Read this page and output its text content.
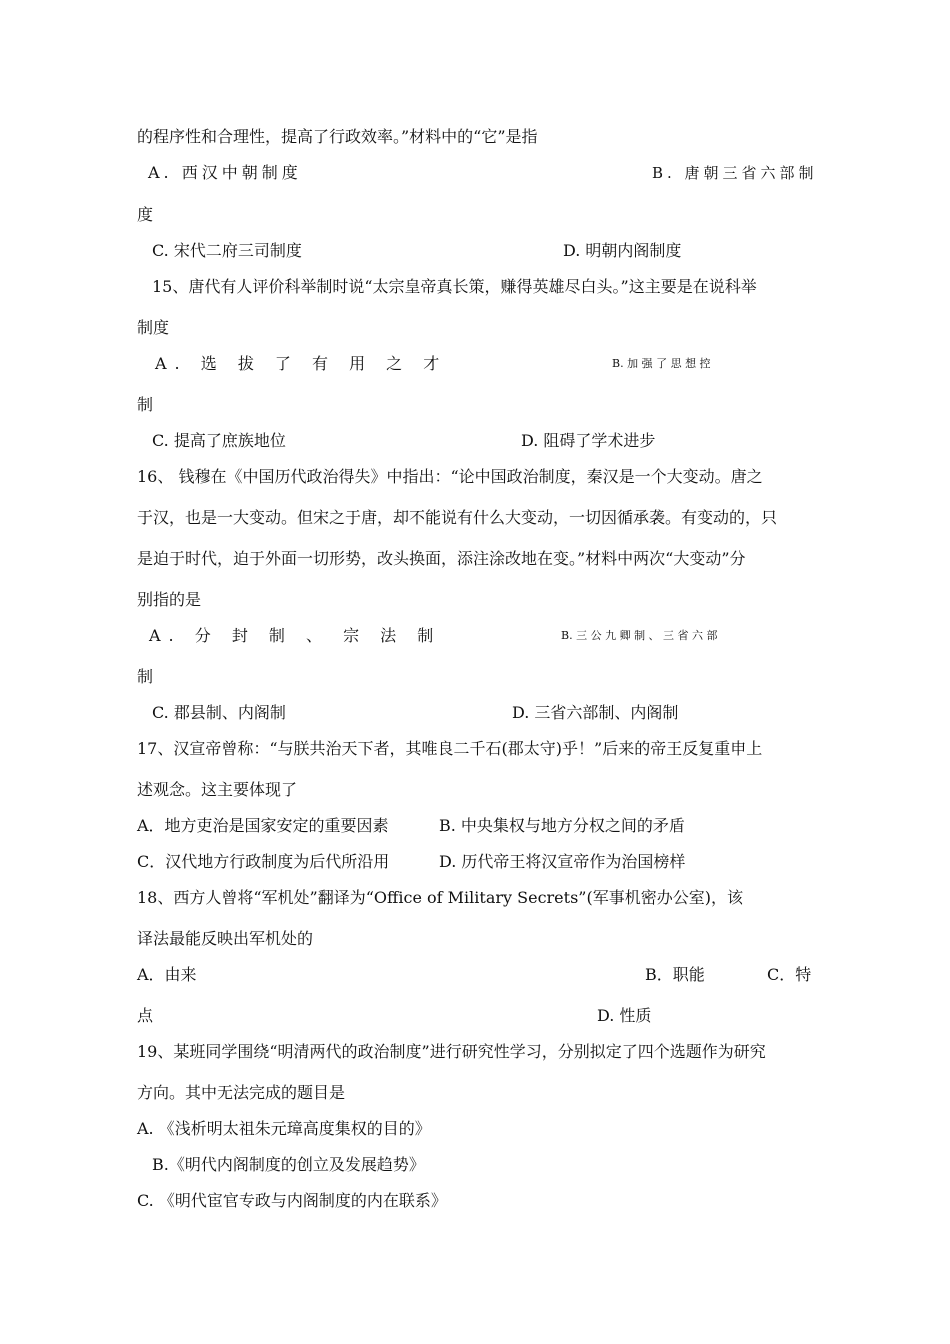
的程序性和合理性，提高了行政效率。”材料中的“它”是指
A. 西汉中朝制度	B. 唐朝三省六部制
度
C. 宋代二府三司制度	D. 明朝内阁制度
15、唐代有人评价科举制时说“太宗皇帝真长策，赚得英雄尽白头。”这主要是在说科举
制度
A. 选 拔 了 有 用 之 才	B. 加 强 了 思 想 控
制
C. 提高了庶族地位	D. 阻碍了学术进步
16、 钱穆在《中国历代政治得失》中指出：“论中国政治制度，秦汉是一个大变动。唐之
于汉，也是一大变动。但宋之于唐，却不能说有什么大变动，一切因循承袭。有变动的，只
是迫于时代，迫于外面一切形势，改头换面，添注涂改地在变。”材料中两次“大变动”分
别指的是
A. 分 封 制 、 宗 法 制	B. 三 公 九 卿 制 、 三 省 六 部
制
C. 郡县制、内阁制	D. 三省六部制、内阁制
17、汉宣帝曾称：“与朕共治天下者，其唯良二千石(郡太守)乎！”后来的帝王反复重申上
述观念。这主要体现了
A．地方吏治是国家安定的重要因素	B. 中央集权与地方分权之间的矛盾
C．汉代地方行政制度为后代所沿用	D. 历代帝王将汉宣帝作为治国榜样
18、西方人曾将“军机处”翻译为“Office of Military Secrets”(军事机密办公室)，该
译法最能反映出军机处的
A．由来	B．职能	C．特
点	D. 性质
19、某班同学围绕“明清两代的政治制度”进行研究性学习，分别拟定了四个选题作为研究
方向。其中无法完成的题目是
A. 《浅析明太祖朱元璋高度集权的目的》
B.《明代内阁制度的创立及发展趋势》
C. 《明代宦官专政与内阁制度的内在联系》
